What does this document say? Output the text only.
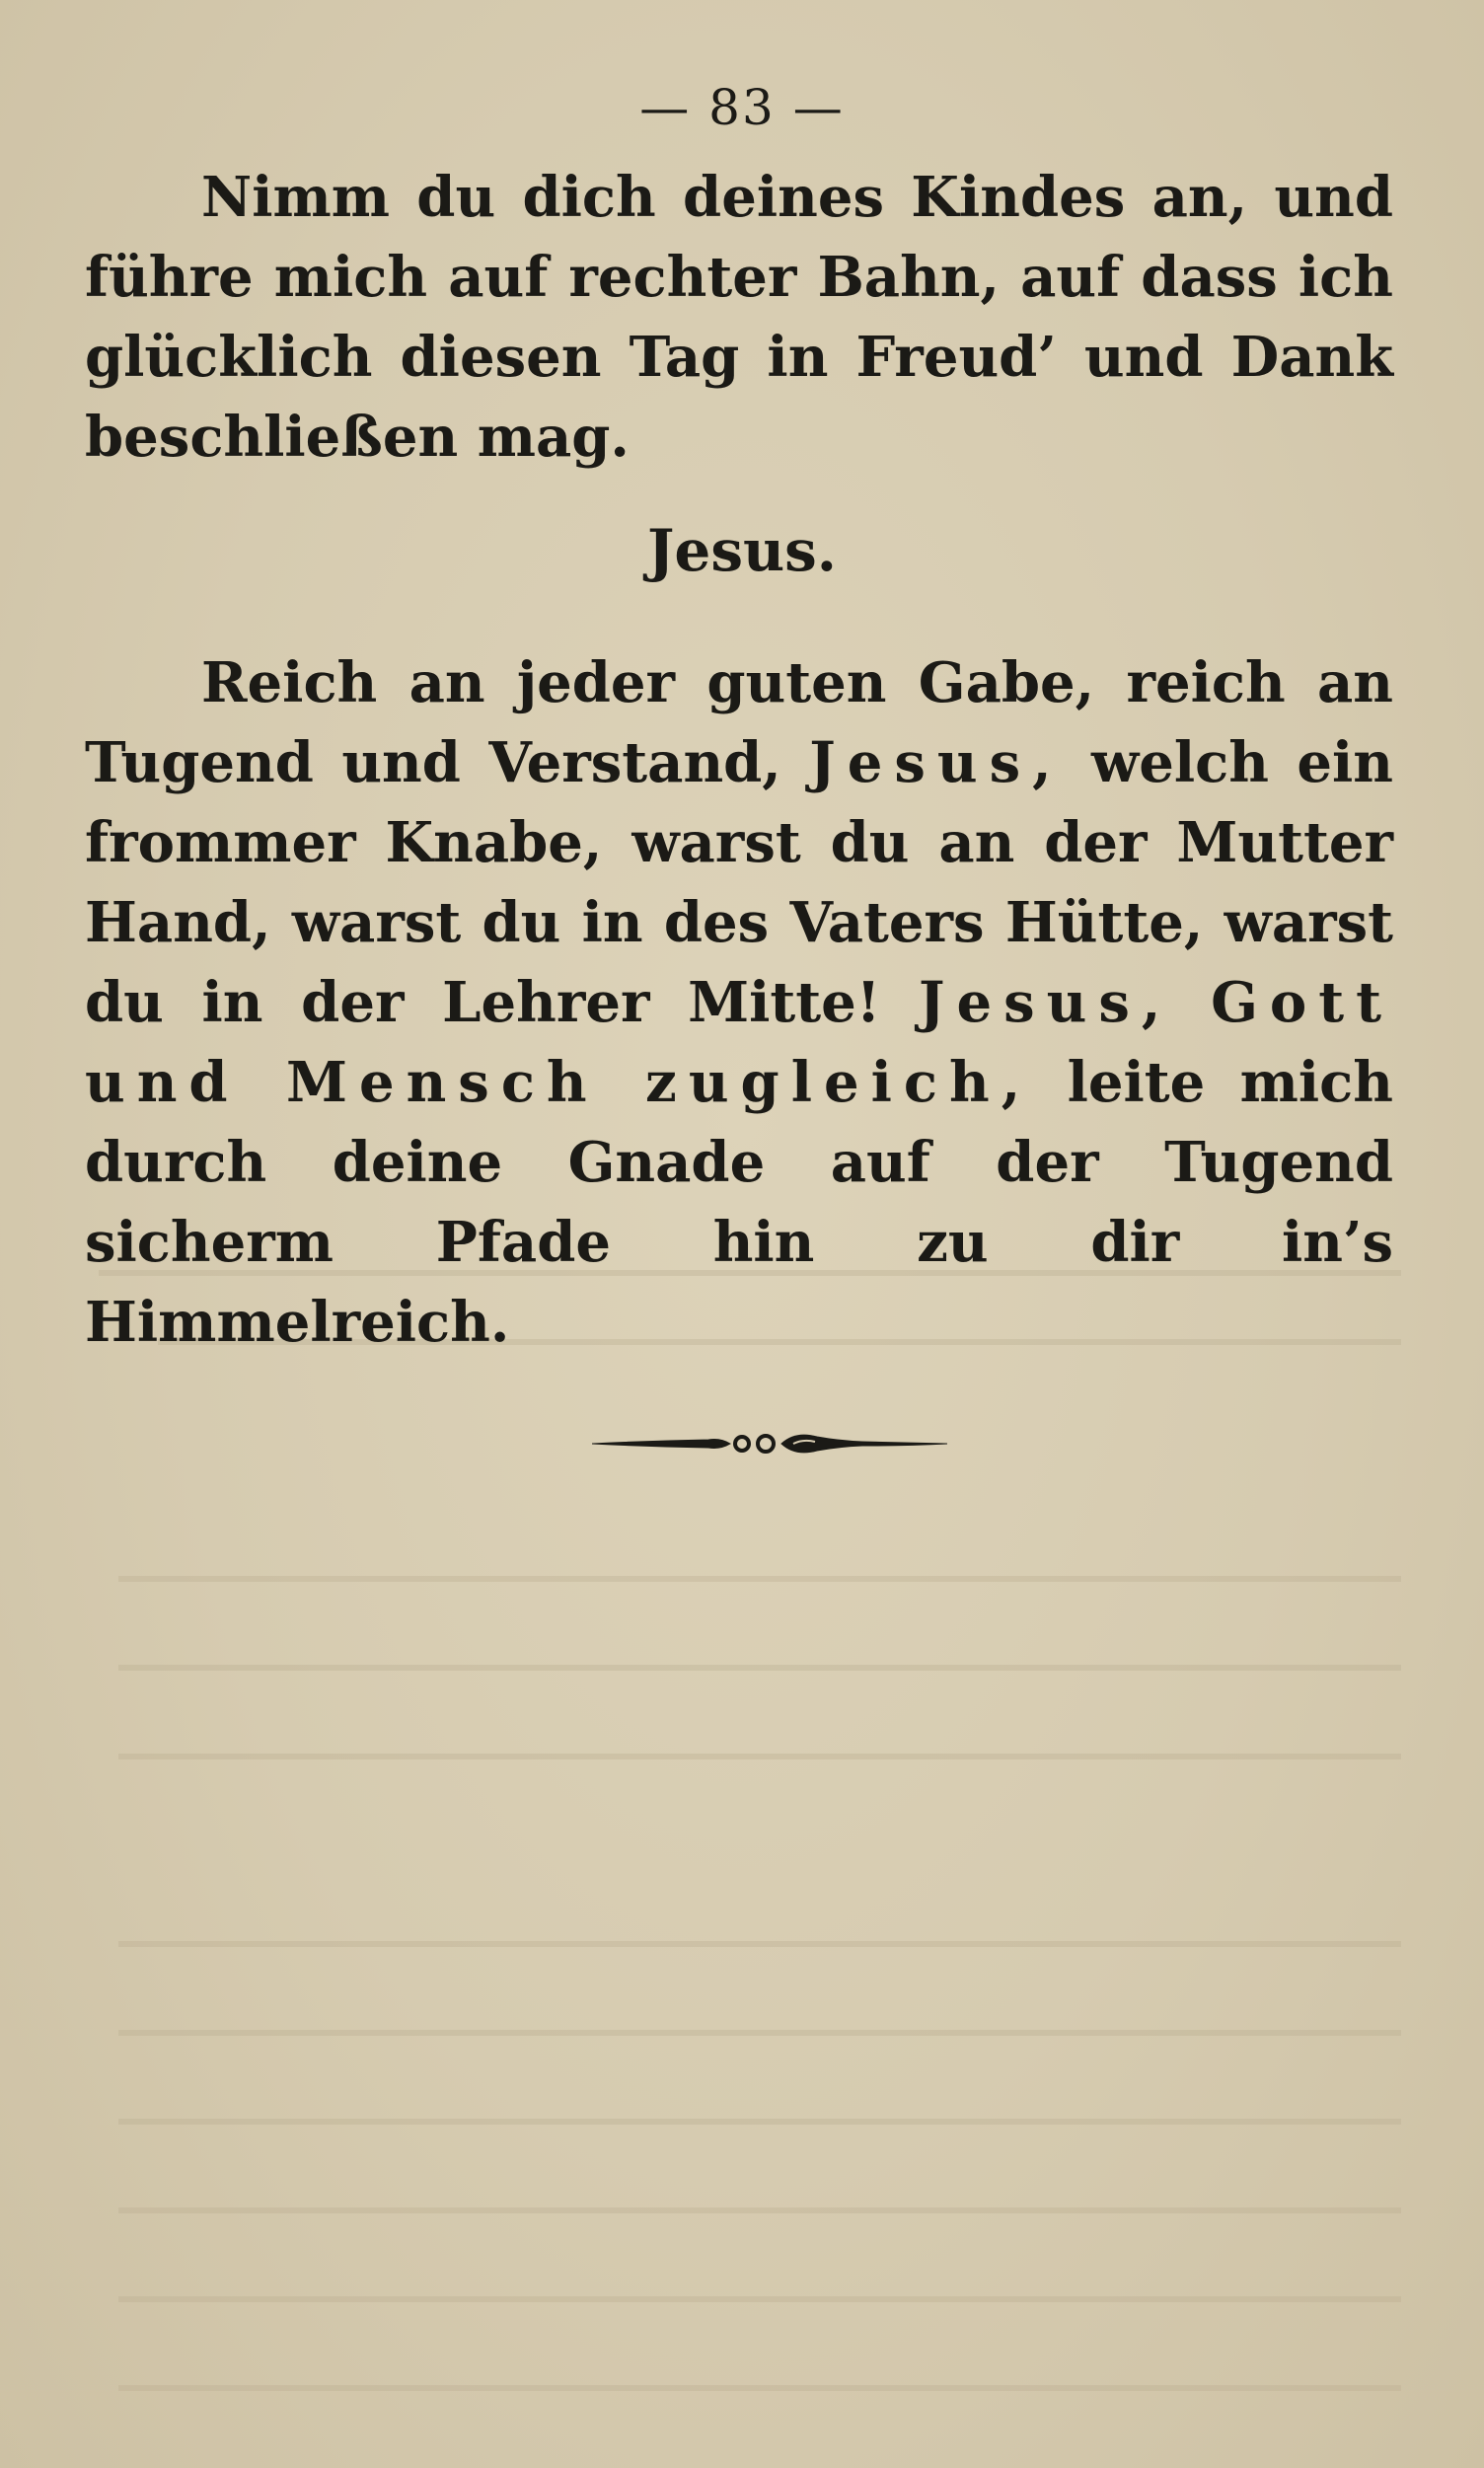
— 83 —
Nimm du dich deines Kindes an, und führe mich auf rechter Bahn, auf dass ich glücklich diesen Tag in Freud’ und Dank beschließen mag.
Jesus.
Reich an jeder guten Gabe, reich an Tugend und Verstand, Jesus, welch ein frommer Knabe, warst du an der Mutter Hand, warst du in des Vaters Hütte, warst du in der Lehrer Mitte! Jesus, Gott und Mensch zugleich, leite mich durch deine Gnade auf der Tugend sicherm Pfade hin zu dir in’s Himmelreich.
